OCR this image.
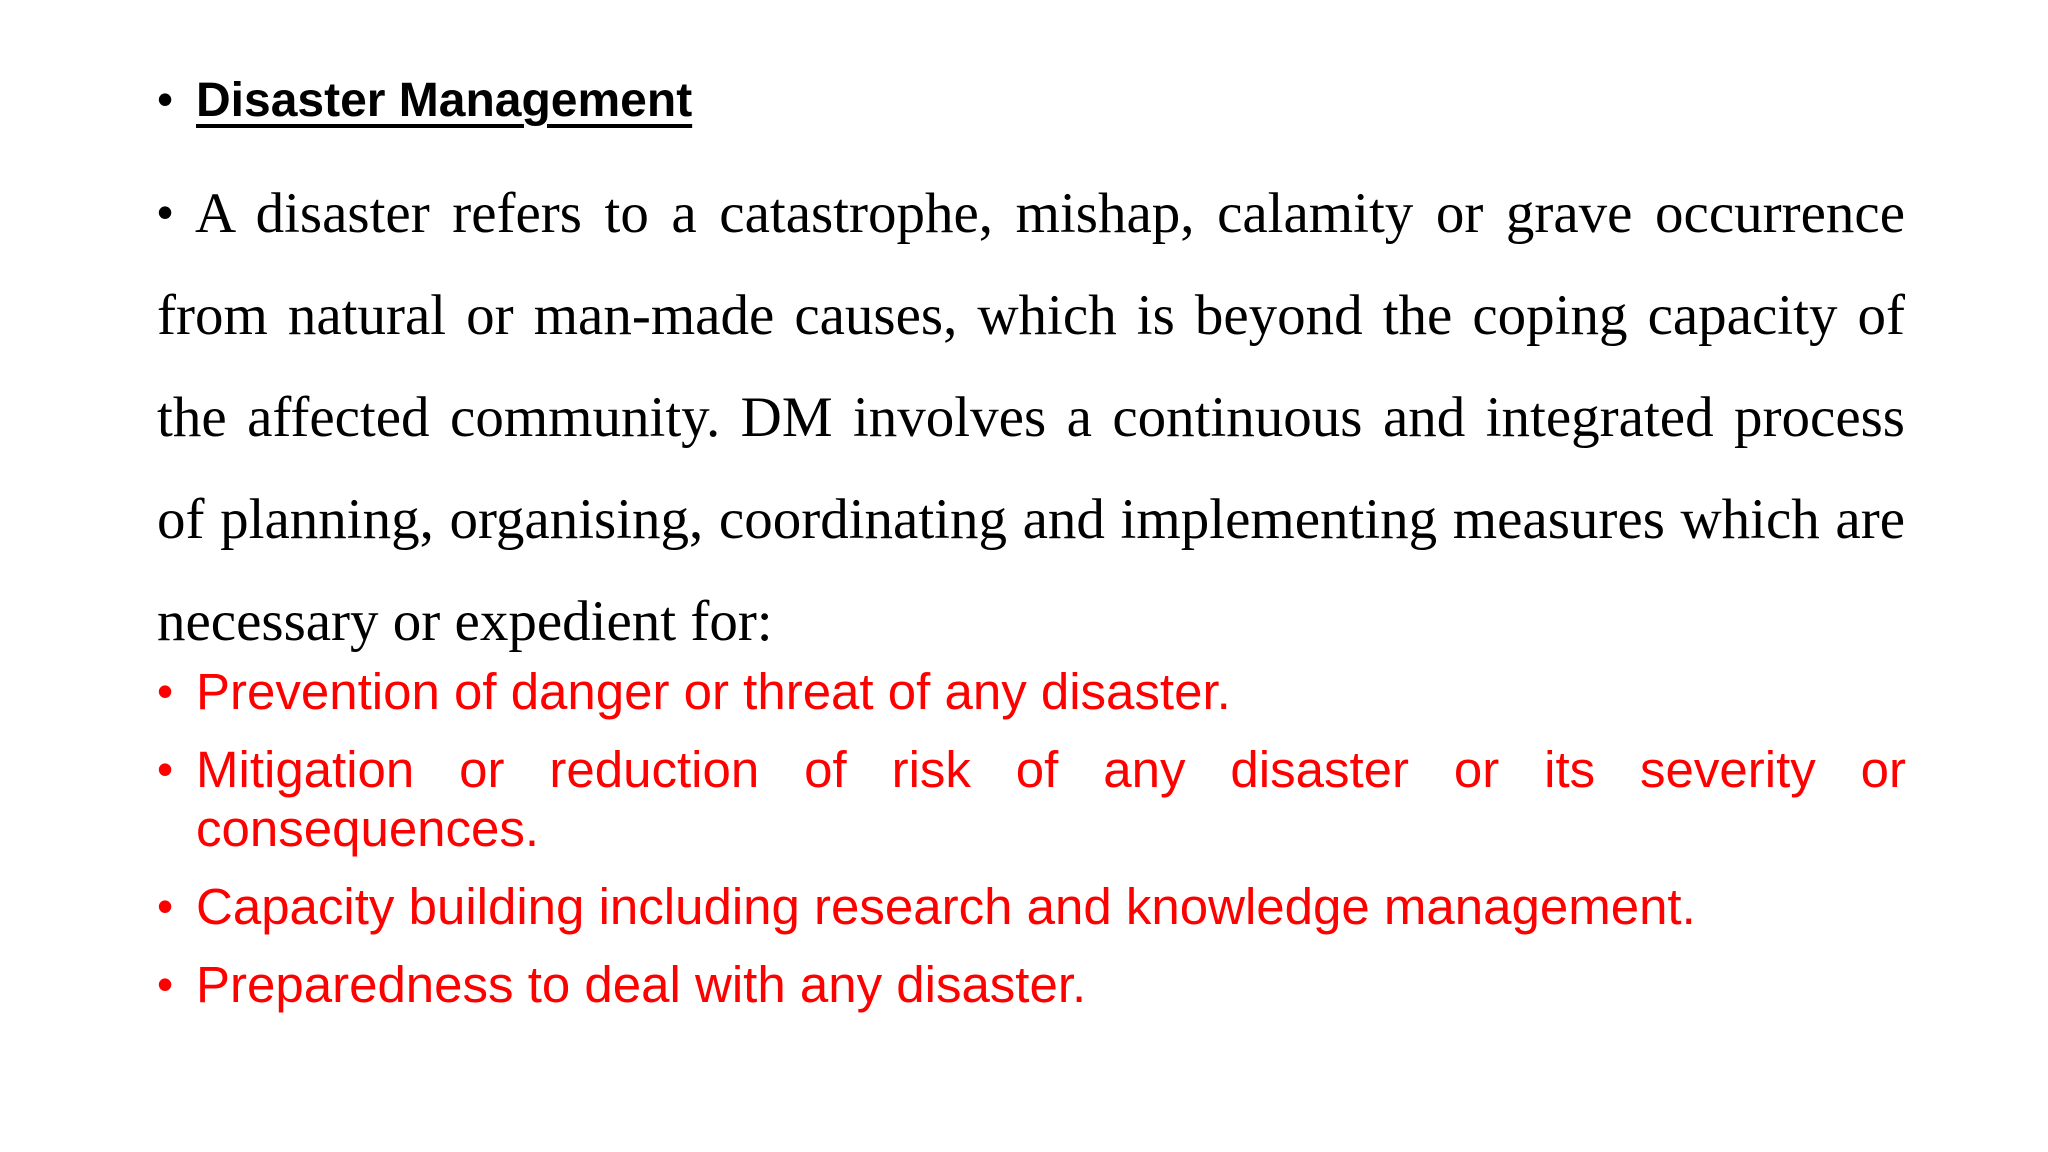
• Disaster Management
• A disaster refers to a catastrophe, mishap, calamity or grave occurrence from natural or man-made causes, which is beyond the coping capacity of the affected community. DM involves a continuous and integrated process of planning, organising, coordinating and implementing measures which are necessary or expedient for:
• Prevention of danger or threat of any disaster.
• Mitigation or reduction of risk of any disaster or its severity or consequences.
• Capacity building including research and knowledge management.
• Preparedness to deal with any disaster.
